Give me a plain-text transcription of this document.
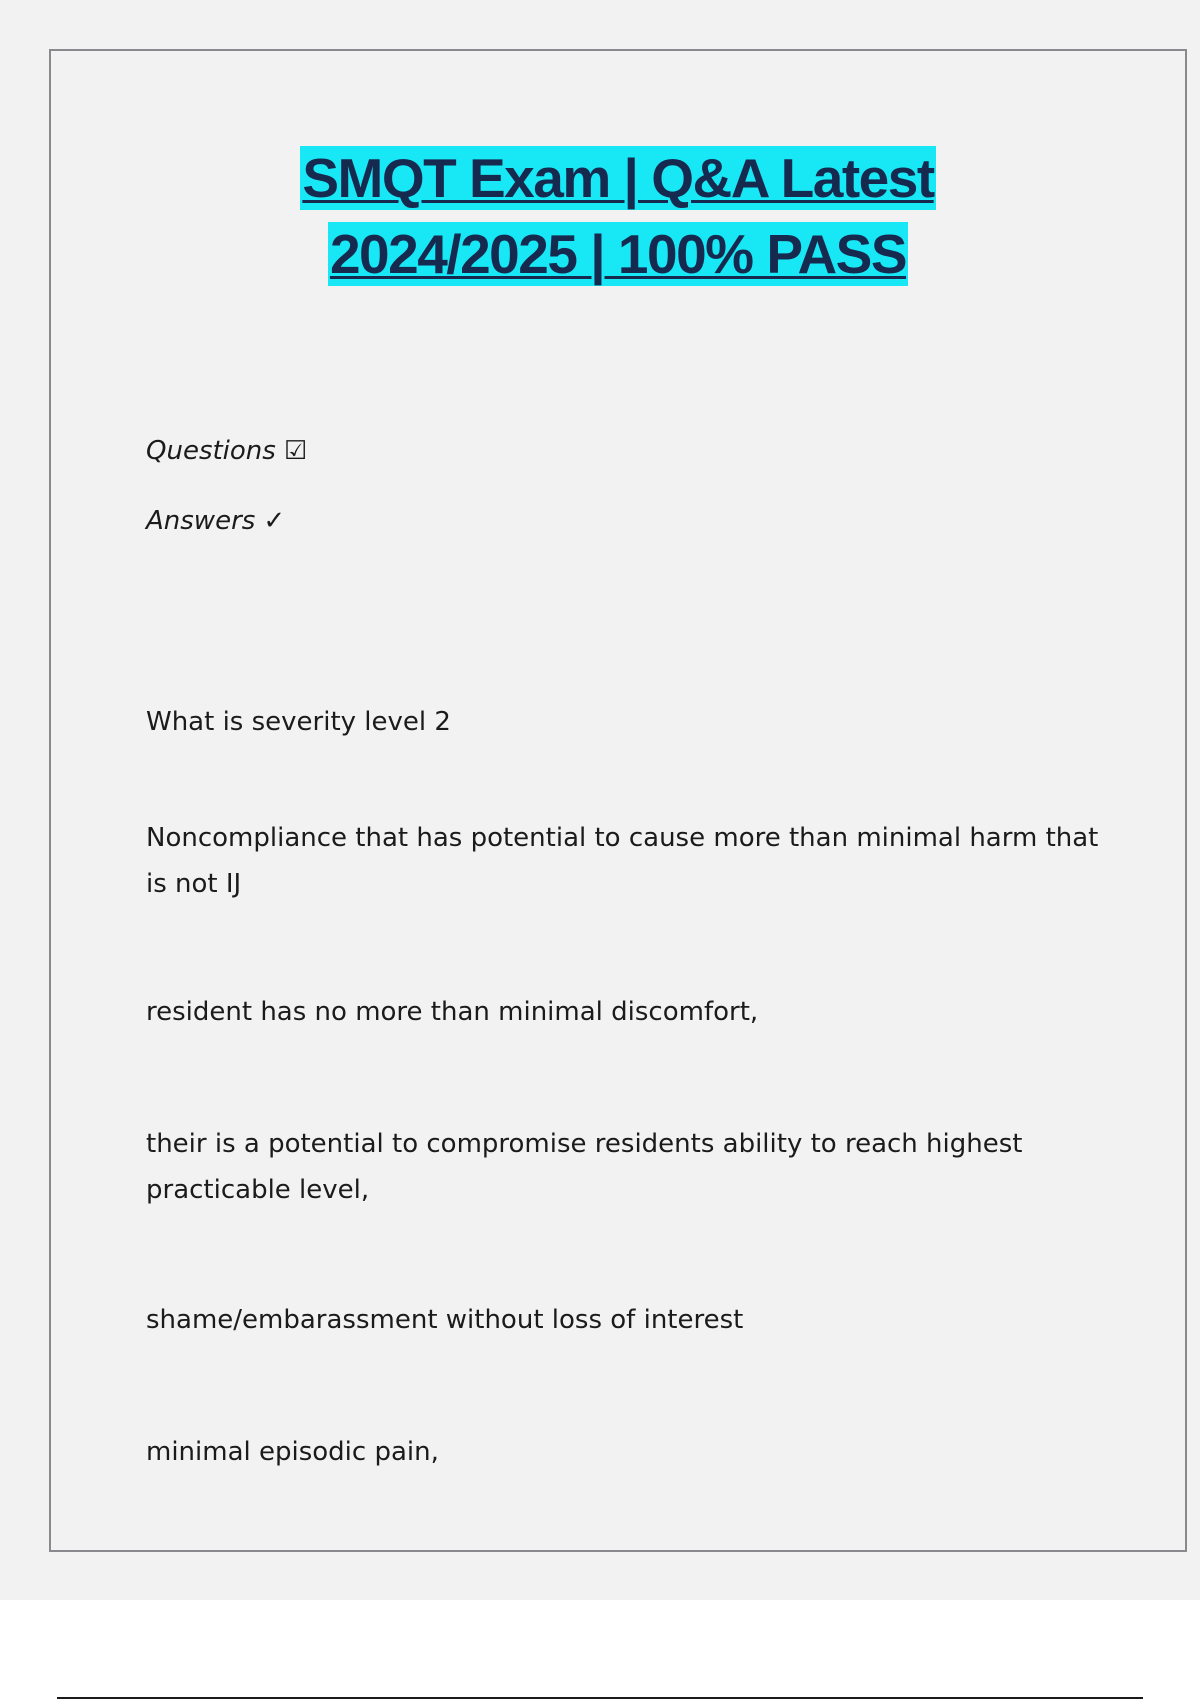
SMQT Exam | Q&A Latest
2024/2025 | 100% PASS
Questions ☑
Answers ✓
What is severity level 2
Noncompliance that has potential to cause more than minimal harm that is not IJ
resident has no more than minimal discomfort,
their is a potential to compromise residents ability to reach highest practicable level,
shame/embarassment without loss of interest
minimal episodic pain,
